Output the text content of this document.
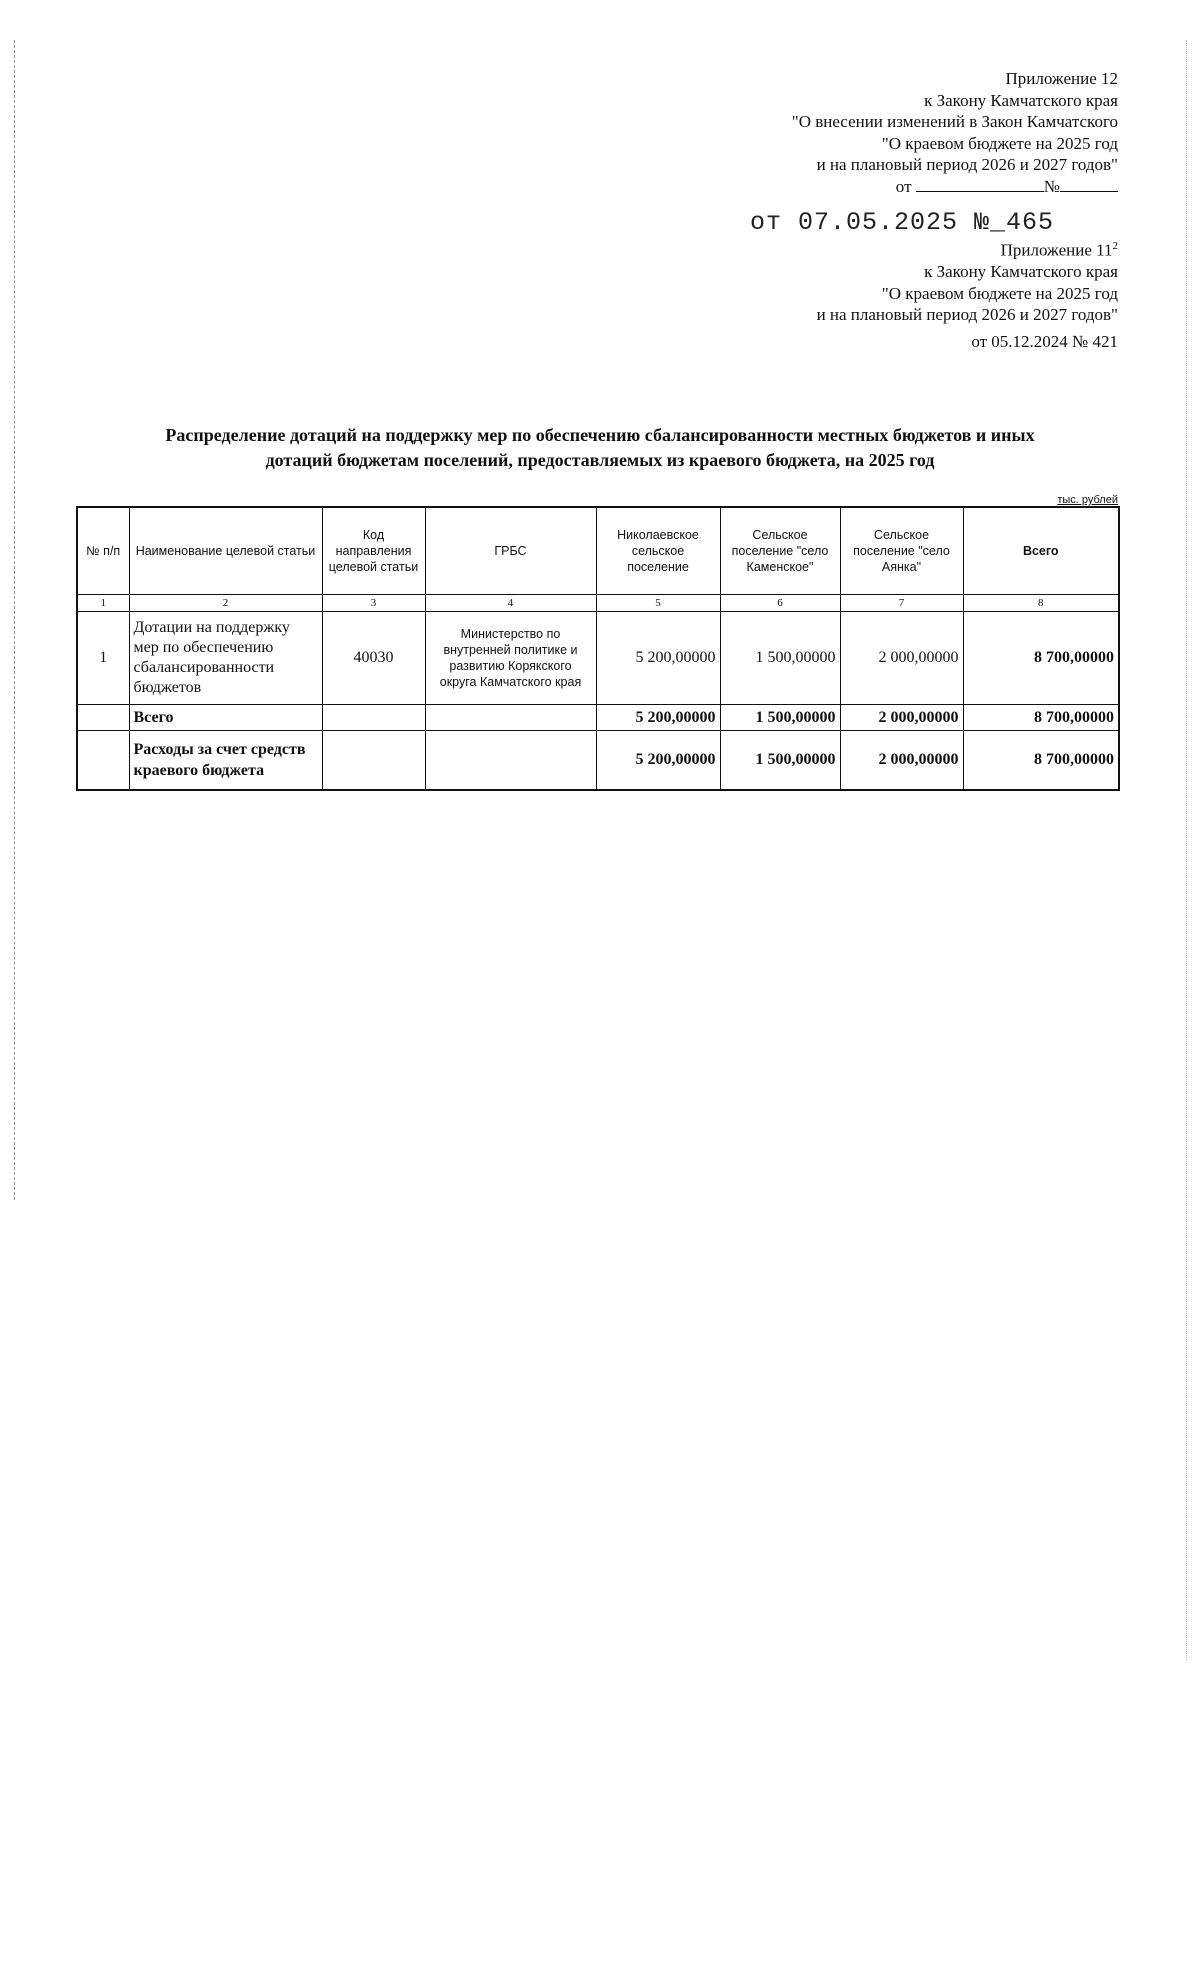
Приложение 12
к Закону Камчатского края
"О внесении изменений в Закон Камчатского
"О краевом бюджете на 2025 год
и на плановый период 2026 и 2027 годов"
от	№
от 07.05.2025 №_465
Приложение $11^2$
к Закону Камчатского края
"О краевом бюджете на 2025 год
и на плановый период 2026 и 2027 годов"
от 05.12.2024 № 421
Распределение дотаций на поддержку мер по обеспечению сбалансированности местных бюджетов и иных
дотаций бюджетам поселений, предоставляемых из краевого бюджета, на 2025 год
тыс. рублей
№ п/п	Наименование целевой статьи	Код направления целевой статьи	ГРБС	Николаевское сельское поселение	Сельское поселение "село Каменское"	Сельское поселение "село Аянка"	Всего
1	2	3	4	5	6	7	8
1	Дотации на поддержку мер по обеспечению сбалансированности бюджетов	40030	Министерство по внутренней политике и развитию Корякского округа Камчатского края	5 200,00000	1 500,00000	2 000,00000	8 700,00000
	Всего			5 200,00000	1 500,00000	2 000,00000	8 700,00000
	Расходы за счет средств краевого бюджета			5 200,00000	1 500,00000	2 000,00000	8 700,00000
